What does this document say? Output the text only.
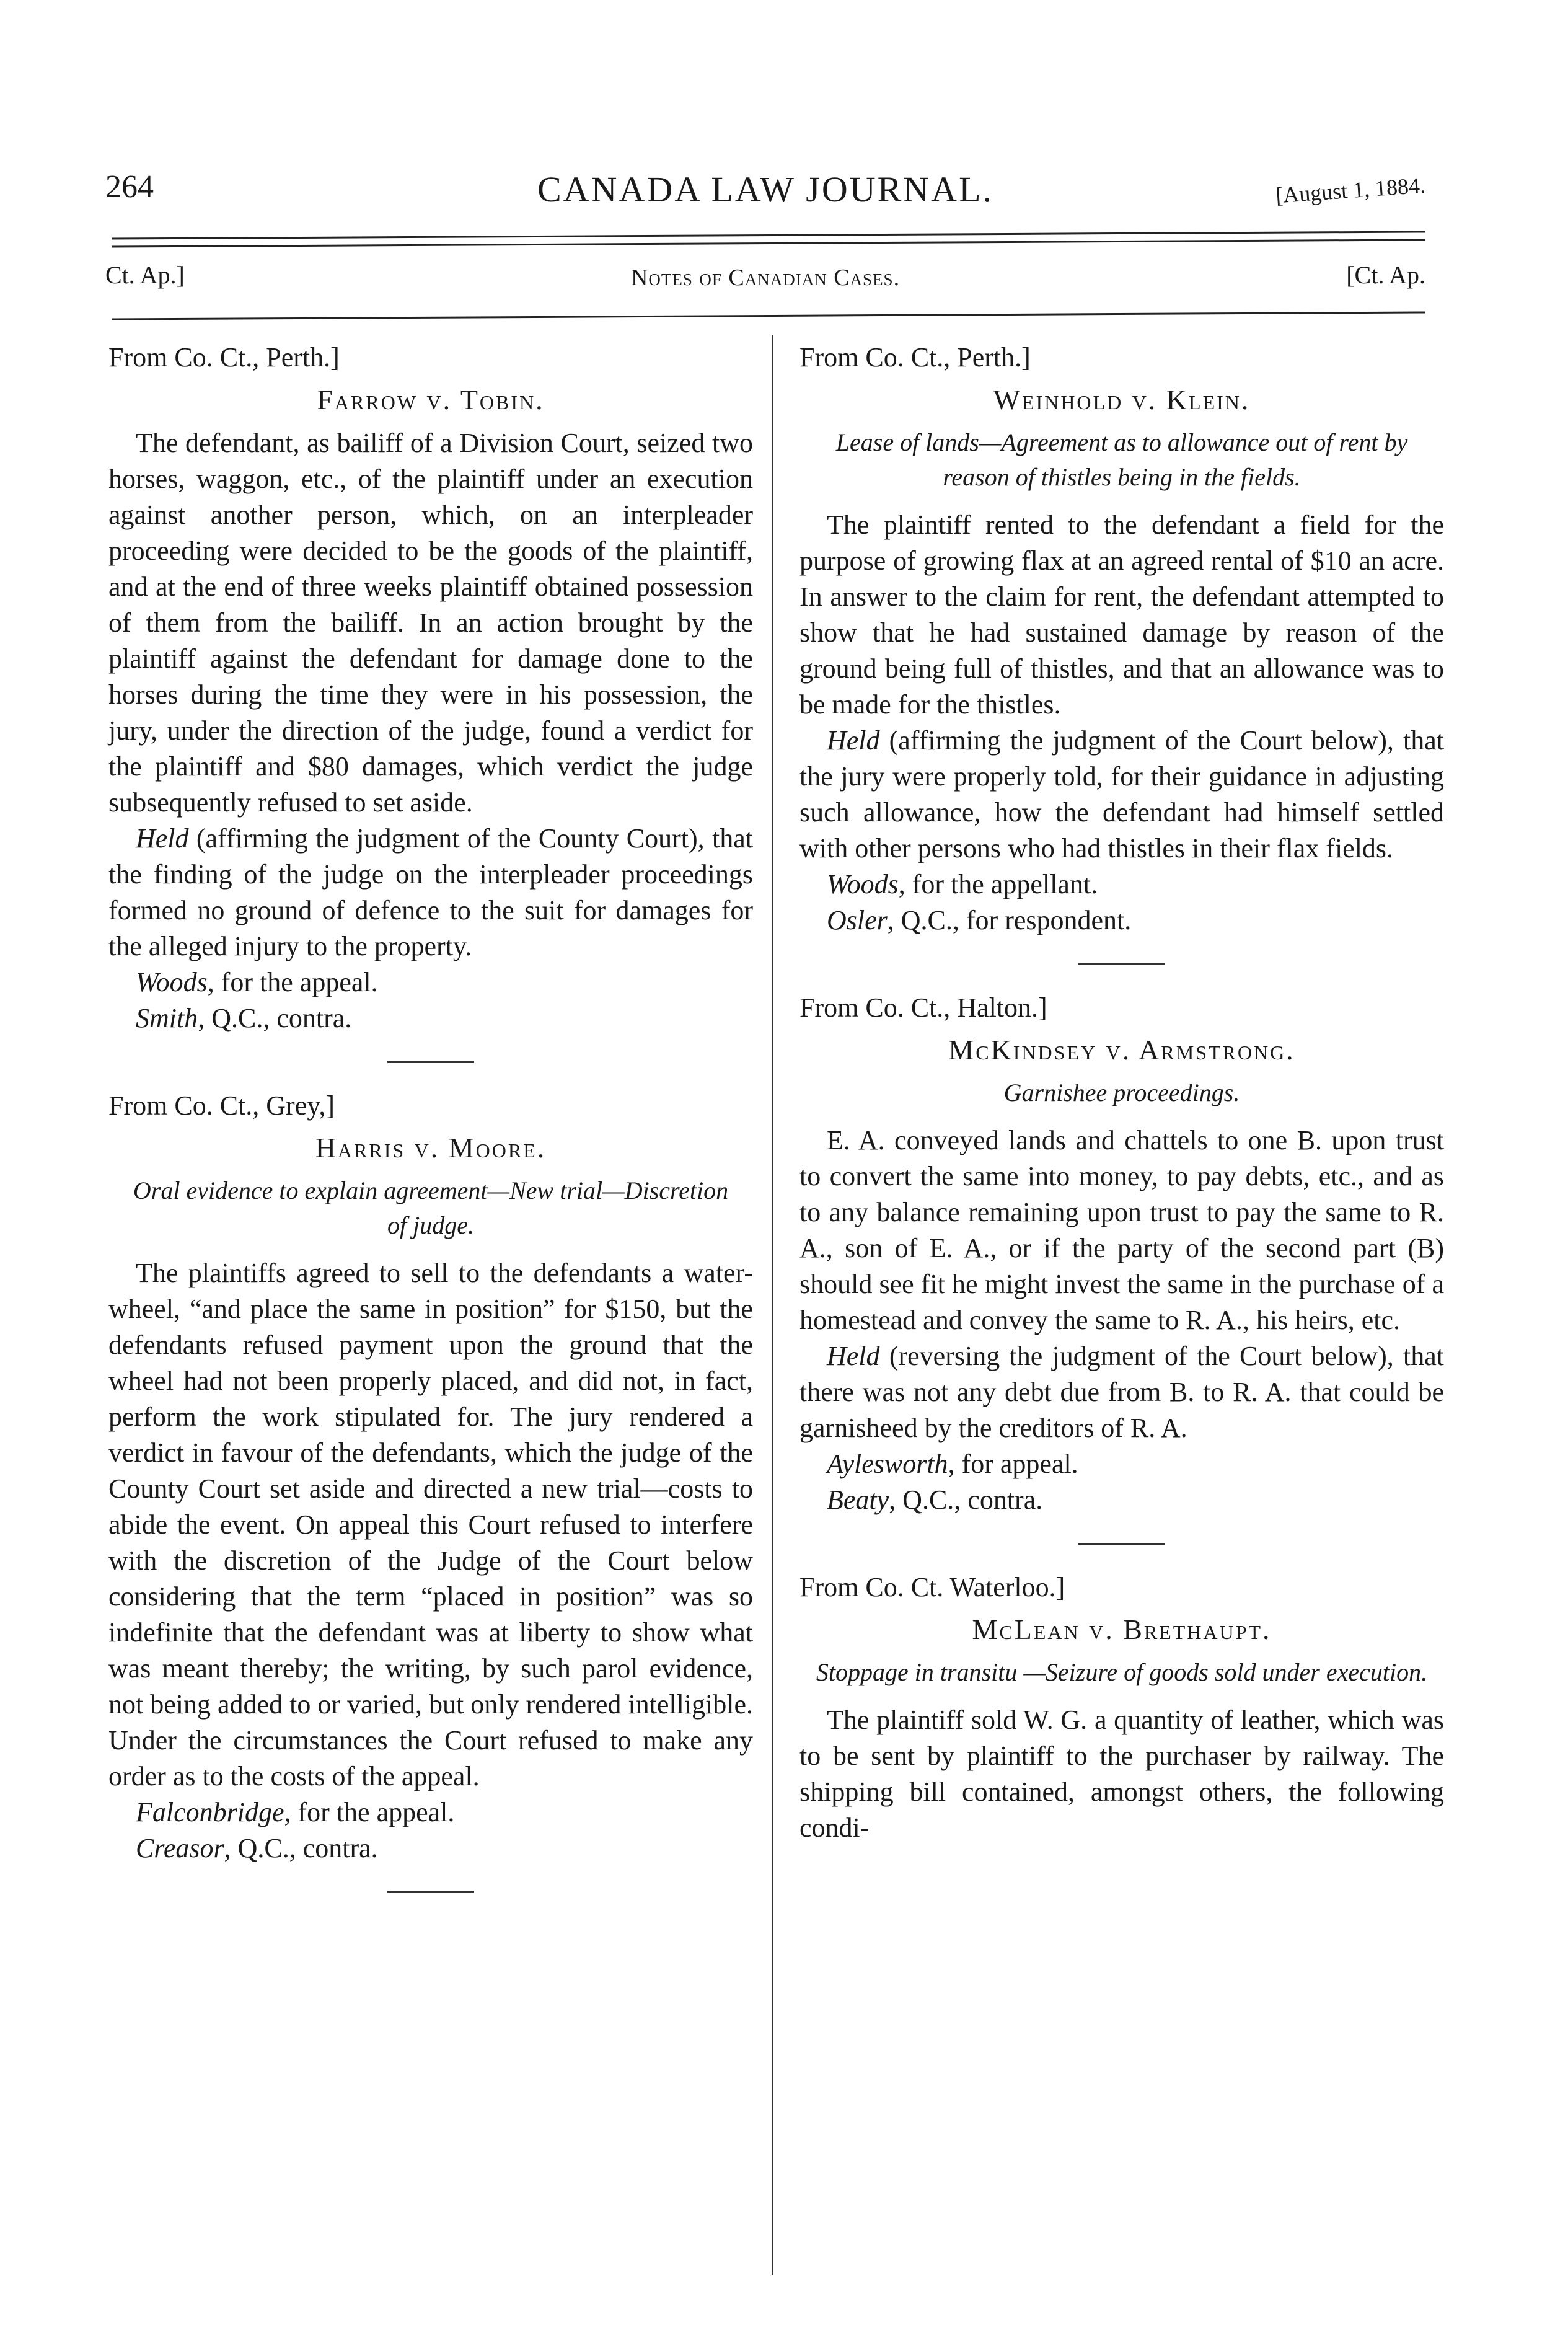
264	CANADA LAW JOURNAL.	[August 1, 1884.
Ct. Ap.]	Notes of Canadian Cases.	[Ct. Ap.

From Co. Ct., Perth.]

Farrow v. Tobin.

The defendant, as bailiff of a Division Court, seized two horses, waggon, etc., of the plaintiff under an execution against another person, which, on an interpleader proceeding were decided to be the goods of the plaintiff, and at the end of three weeks plaintiff obtained possession of them from the bailiff. In an action brought by the plaintiff against the defendant for damage done to the horses during the time they were in his possession, the jury, under the direction of the judge, found a verdict for the plaintiff and $80 damages, which verdict the judge subsequently refused to set aside.

Held (affirming the judgment of the County Court), that the finding of the judge on the interpleader proceedings formed no ground of defence to the suit for damages for the alleged injury to the property.

Woods, for the appeal.

Smith, Q.C., contra.

From Co. Ct., Grey,]

Harris v. Moore.
Oral evidence to explain agreement—New trial—Discretion of judge.

The plaintiffs agreed to sell to the defendants a water-wheel, “and place the same in position” for $150, but the defendants refused payment upon the ground that the wheel had not been properly placed, and did not, in fact, perform the work stipulated for. The jury rendered a verdict in favour of the defendants, which the judge of the County Court set aside and directed a new trial—costs to abide the event. On appeal this Court refused to interfere with the discretion of the Judge of the Court below considering that the term “placed in position” was so indefinite that the defendant was at liberty to show what was meant thereby; the writing, by such parol evidence, not being added to or varied, but only rendered intelligible. Under the circumstances the Court refused to make any order as to the costs of the appeal.

Falconbridge, for the appeal.

Creasor, Q.C., contra.

From Co. Ct., Perth.]

Weinhold v. Klein.
Lease of lands—Agreement as to allowance out of rent by reason of thistles being in the fields.

The plaintiff rented to the defendant a field for the purpose of growing flax at an agreed rental of $10 an acre. In answer to the claim for rent, the defendant attempted to show that he had sustained damage by reason of the ground being full of thistles, and that an allowance was to be made for the thistles.

Held (affirming the judgment of the Court below), that the jury were properly told, for their guidance in adjusting such allowance, how the defendant had himself settled with other persons who had thistles in their flax fields.

Woods, for the appellant.

Osler, Q.C., for respondent.

From Co. Ct., Halton.]

McKindsey v. Armstrong.
Garnishee proceedings.

E. A. conveyed lands and chattels to one B. upon trust to convert the same into money, to pay debts, etc., and as to any balance remaining upon trust to pay the same to R. A., son of E. A., or if the party of the second part (B) should see fit he might invest the same in the purchase of a homestead and convey the same to R. A., his heirs, etc.

Held (reversing the judgment of the Court below), that there was not any debt due from B. to R. A. that could be garnisheed by the creditors of R. A.

Aylesworth, for appeal.

Beaty, Q.C., contra.

From Co. Ct. Waterloo.]

McLean v. Brethaupt.
Stoppage in transitu —Seizure of goods sold under execution.

The plaintiff sold W. G. a quantity of leather, which was to be sent by plaintiff to the purchaser by railway. The shipping bill contained, amongst others, the following condi-
